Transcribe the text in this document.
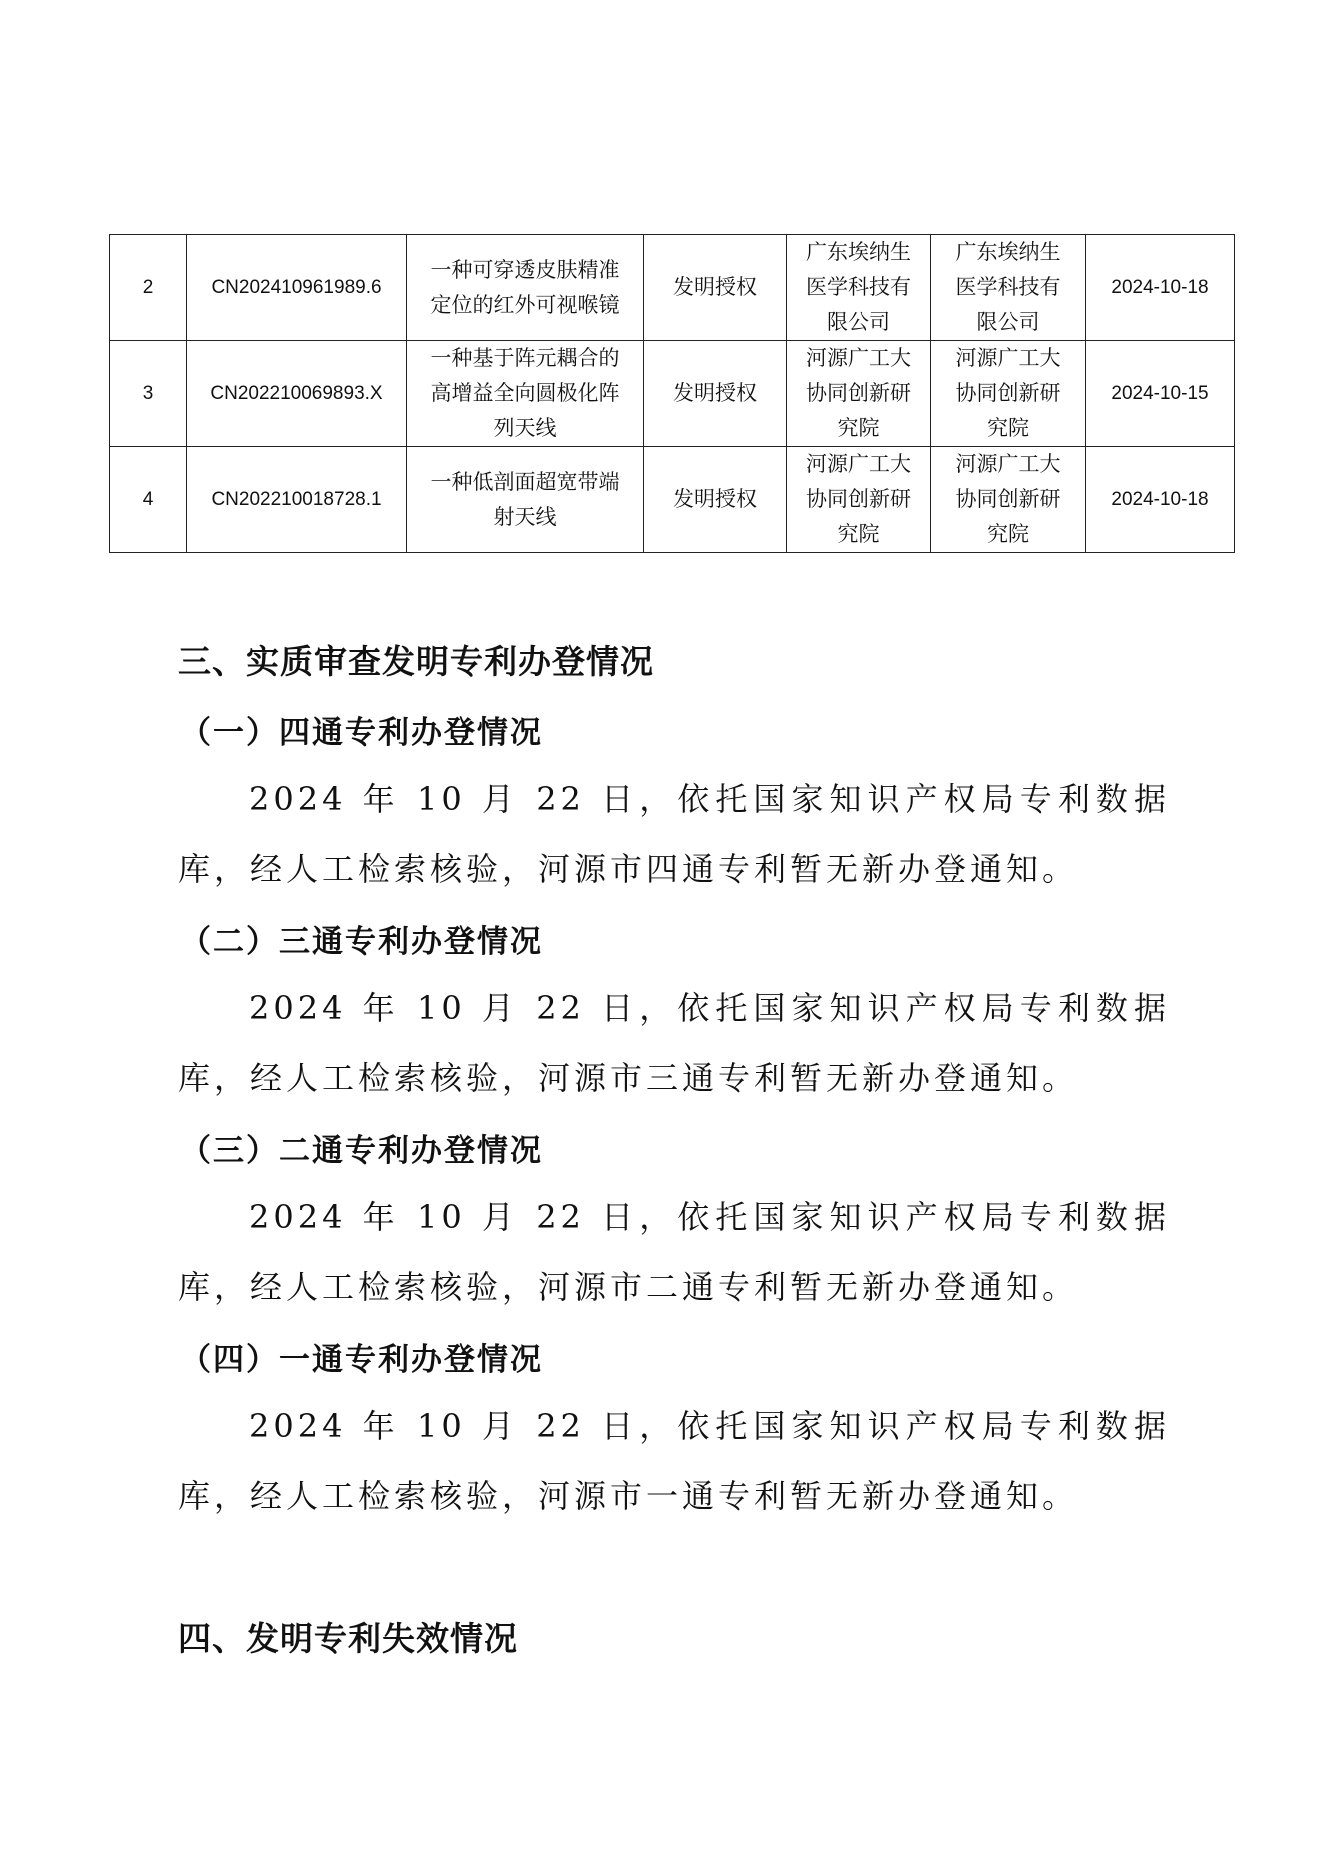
2	CN202410961989.6	一种可穿透皮肤精准定位的红外可视喉镜	发明授权	广东埃纳生医学科技有限公司	广东埃纳生医学科技有限公司	2024-10-18
3	CN202210069893.X	一种基于阵元耦合的高增益全向圆极化阵列天线	发明授权	河源广工大协同创新研究院	河源广工大协同创新研究院	2024-10-15
4	CN202210018728.1	一种低剖面超宽带端射天线	发明授权	河源广工大协同创新研究院	河源广工大协同创新研究院	2024-10-18
三、实质审查发明专利办登情况
（一）四通专利办登情况

2024 年 10 月 22 日，依托国家知识产权局专利数据库，经人工检索核验，河源市四通专利暂无新办登通知。

（二）三通专利办登情况

2024 年 10 月 22 日，依托国家知识产权局专利数据库，经人工检索核验，河源市三通专利暂无新办登通知。

（三）二通专利办登情况

2024 年 10 月 22 日，依托国家知识产权局专利数据库，经人工检索核验，河源市二通专利暂无新办登通知。

（四）一通专利办登情况

2024 年 10 月 22 日，依托国家知识产权局专利数据库，经人工检索核验，河源市一通专利暂无新办登通知。

四、发明专利失效情况
